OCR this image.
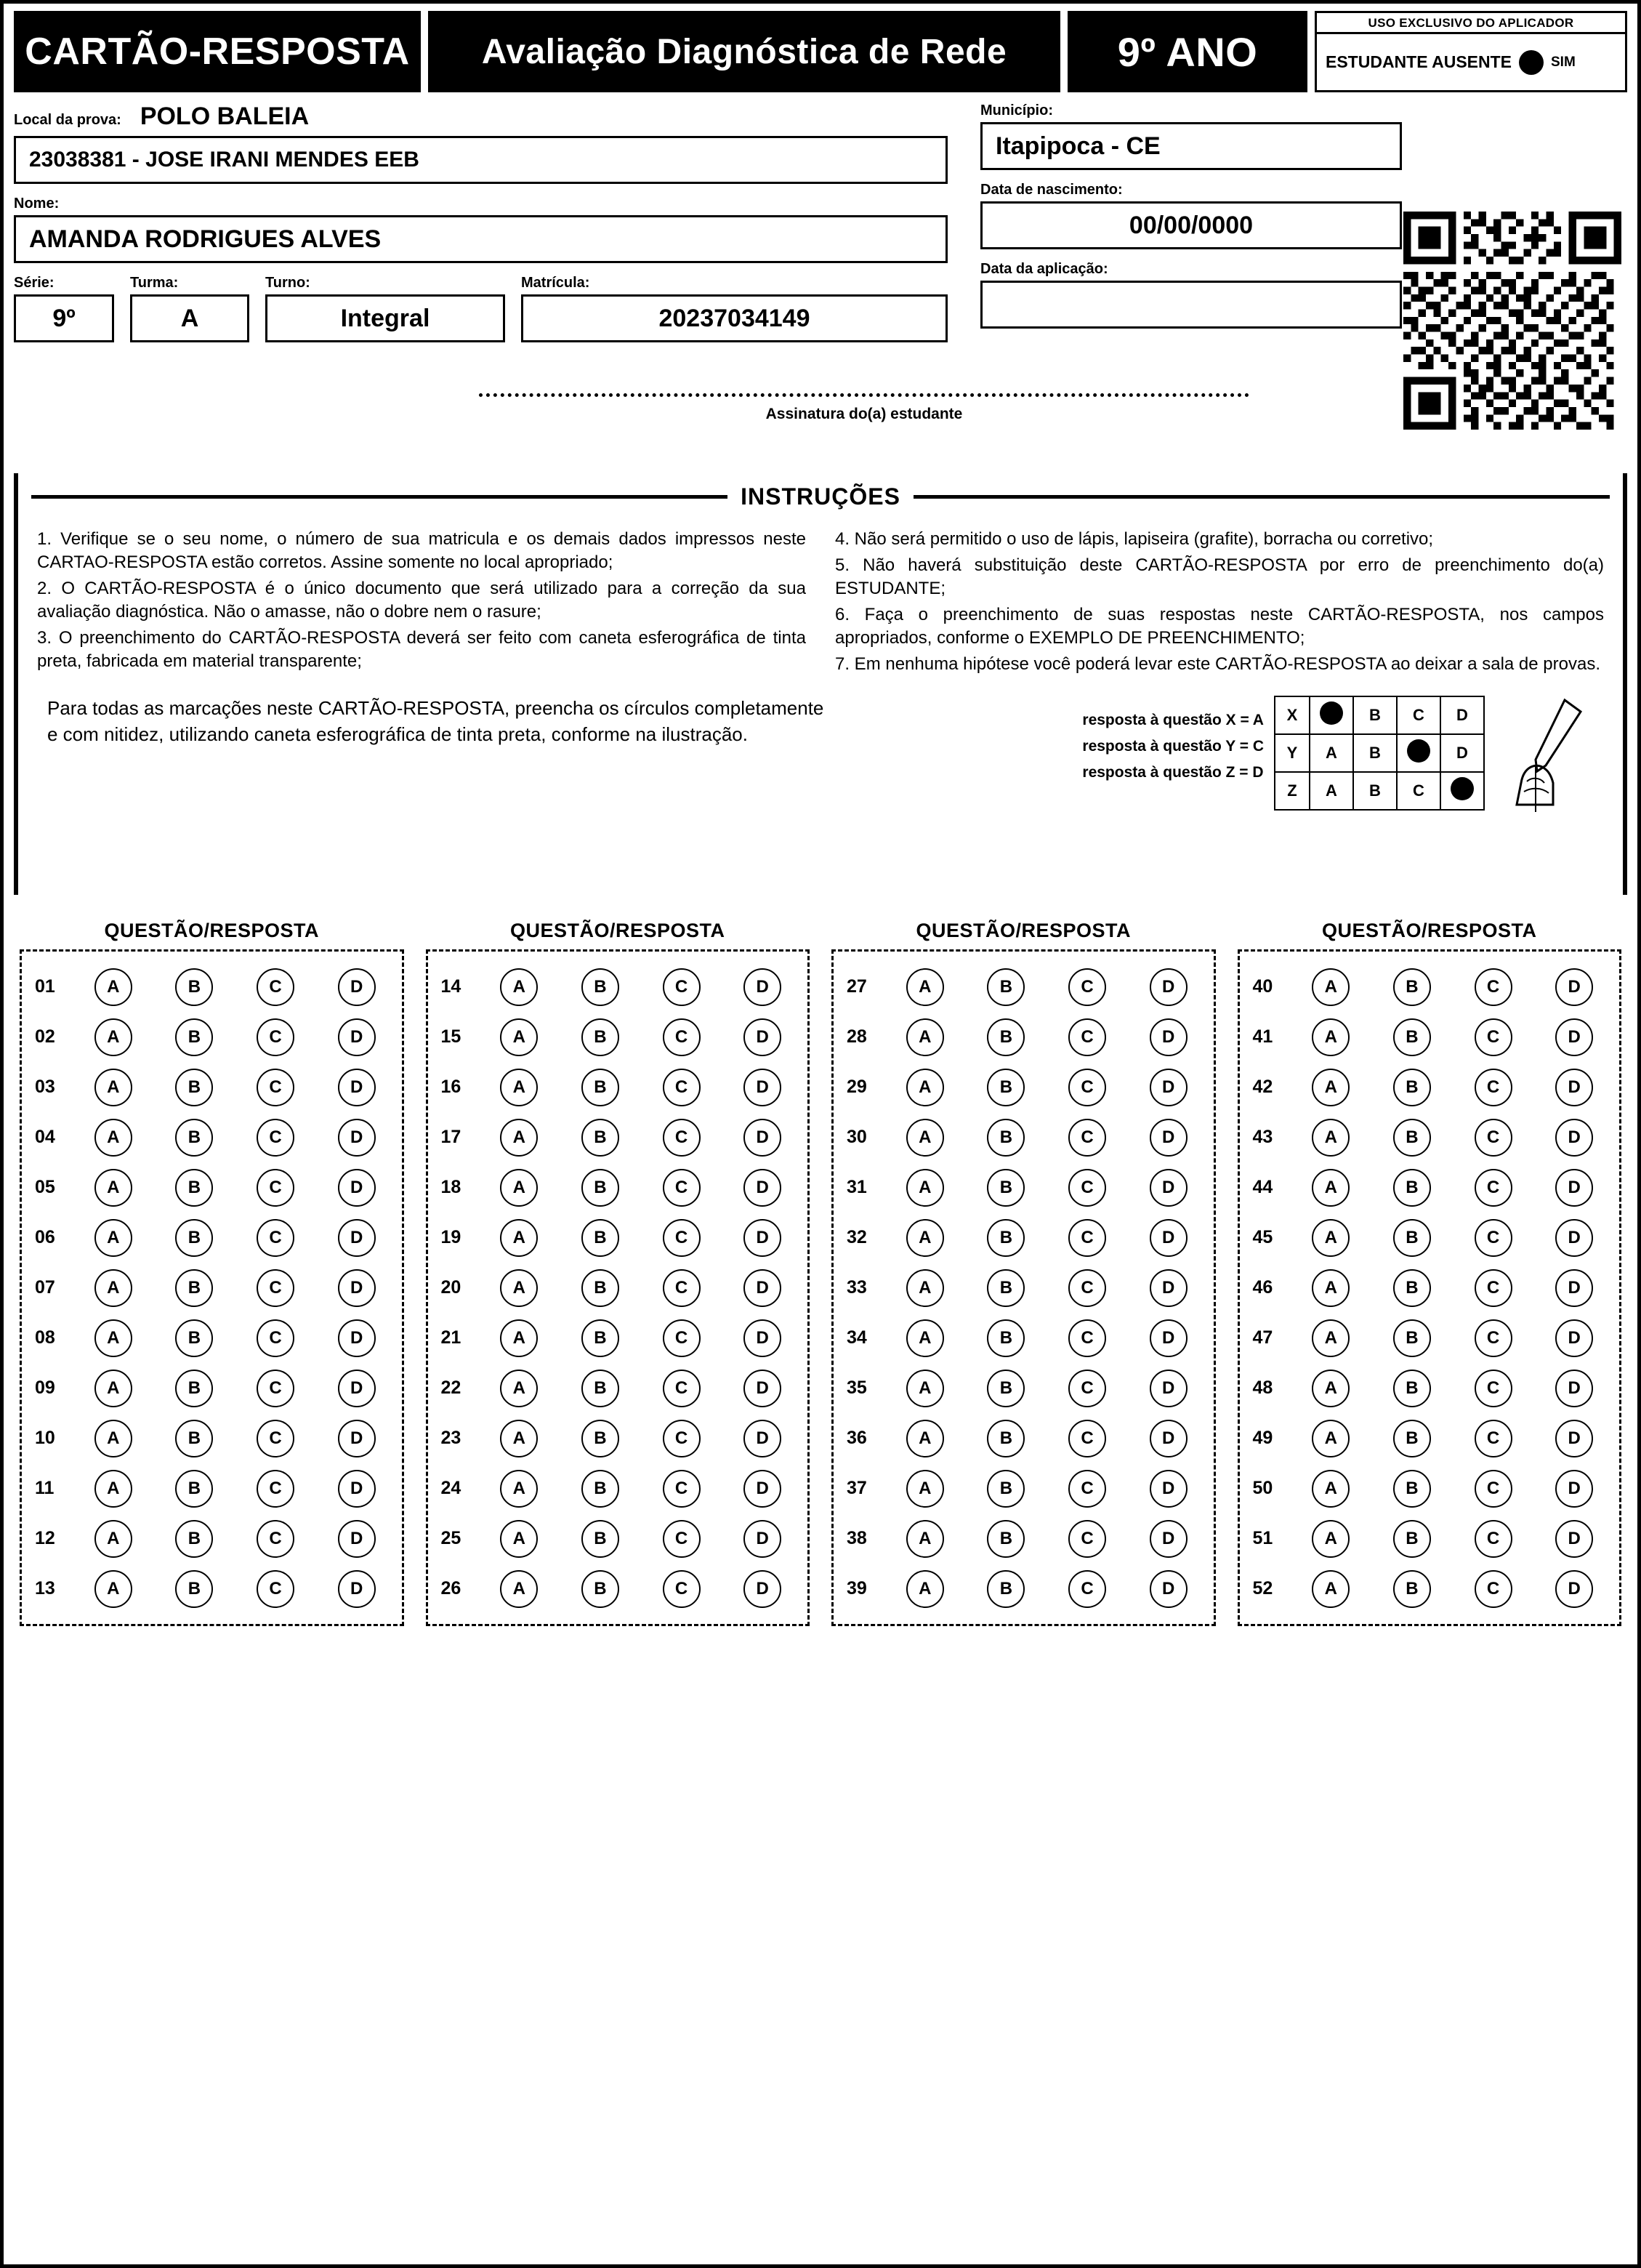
CARTÃO-RESPOSTA	Avaliação Diagnóstica de Rede	9º ANO
USO EXCLUSIVO DO APLICADOR
ESTUDANTE AUSENTE	SIM
Local da prova: POLO BALEIA
23038381 - JOSE IRANI MENDES EEB
Nome:
AMANDA RODRIGUES ALVES
Série:
9º
Turma:
A
Turno:
Integral
Matrícula:
20237034149
Município:
Itapipoca - CE
Data de nascimento:
00/00/0000
Data da aplicação:
Assinatura do(a) estudante
INSTRUÇÕES

1. Verifique se o seu nome, o número de sua matricula e os demais dados impressos neste CARTAO-RESPOSTA estão corretos. Assine somente no local apropriado;

2. O CARTÃO-RESPOSTA é o único documento que será utilizado para a correção da sua avaliação diagnóstica. Não o amasse, não o dobre nem o rasure;

3. O preenchimento do CARTÃO-RESPOSTA deverá ser feito com caneta esferográfica de tinta preta, fabricada em material transparente;

4. Não será permitido o uso de lápis, lapiseira (grafite), borracha ou corretivo;

5. Não haverá substituição deste CARTÃO-RESPOSTA por erro de preenchimento do(a) ESTUDANTE;

6. Faça o preenchimento de suas respostas neste CARTÃO-RESPOSTA, nos campos apropriados, conforme o EXEMPLO DE PREENCHIMENTO;

7. Em nenhuma hipótese você poderá levar este CARTÃO-RESPOSTA ao deixar a sala de provas.

Para todas as marcações neste CARTÃO-RESPOSTA, preencha os círculos completamente e com nitidez, utilizando caneta esferográfica de tinta preta, conforme na ilustração.
resposta à questão X = A
resposta à questão Y = C
resposta à questão Z = D
X		B	C	D
Y	A	B		D
Z	A	B	C	
QUESTÃO/RESPOSTA
01	A	B	C	D
02	A	B	C	D
03	A	B	C	D
04	A	B	C	D
05	A	B	C	D
06	A	B	C	D
07	A	B	C	D
08	A	B	C	D
09	A	B	C	D
10	A	B	C	D
11	A	B	C	D
12	A	B	C	D
13	A	B	C	D
QUESTÃO/RESPOSTA
14	A	B	C	D
15	A	B	C	D
16	A	B	C	D
17	A	B	C	D
18	A	B	C	D
19	A	B	C	D
20	A	B	C	D
21	A	B	C	D
22	A	B	C	D
23	A	B	C	D
24	A	B	C	D
25	A	B	C	D
26	A	B	C	D
QUESTÃO/RESPOSTA
27	A	B	C	D
28	A	B	C	D
29	A	B	C	D
30	A	B	C	D
31	A	B	C	D
32	A	B	C	D
33	A	B	C	D
34	A	B	C	D
35	A	B	C	D
36	A	B	C	D
37	A	B	C	D
38	A	B	C	D
39	A	B	C	D
QUESTÃO/RESPOSTA
40	A	B	C	D
41	A	B	C	D
42	A	B	C	D
43	A	B	C	D
44	A	B	C	D
45	A	B	C	D
46	A	B	C	D
47	A	B	C	D
48	A	B	C	D
49	A	B	C	D
50	A	B	C	D
51	A	B	C	D
52	A	B	C	D
